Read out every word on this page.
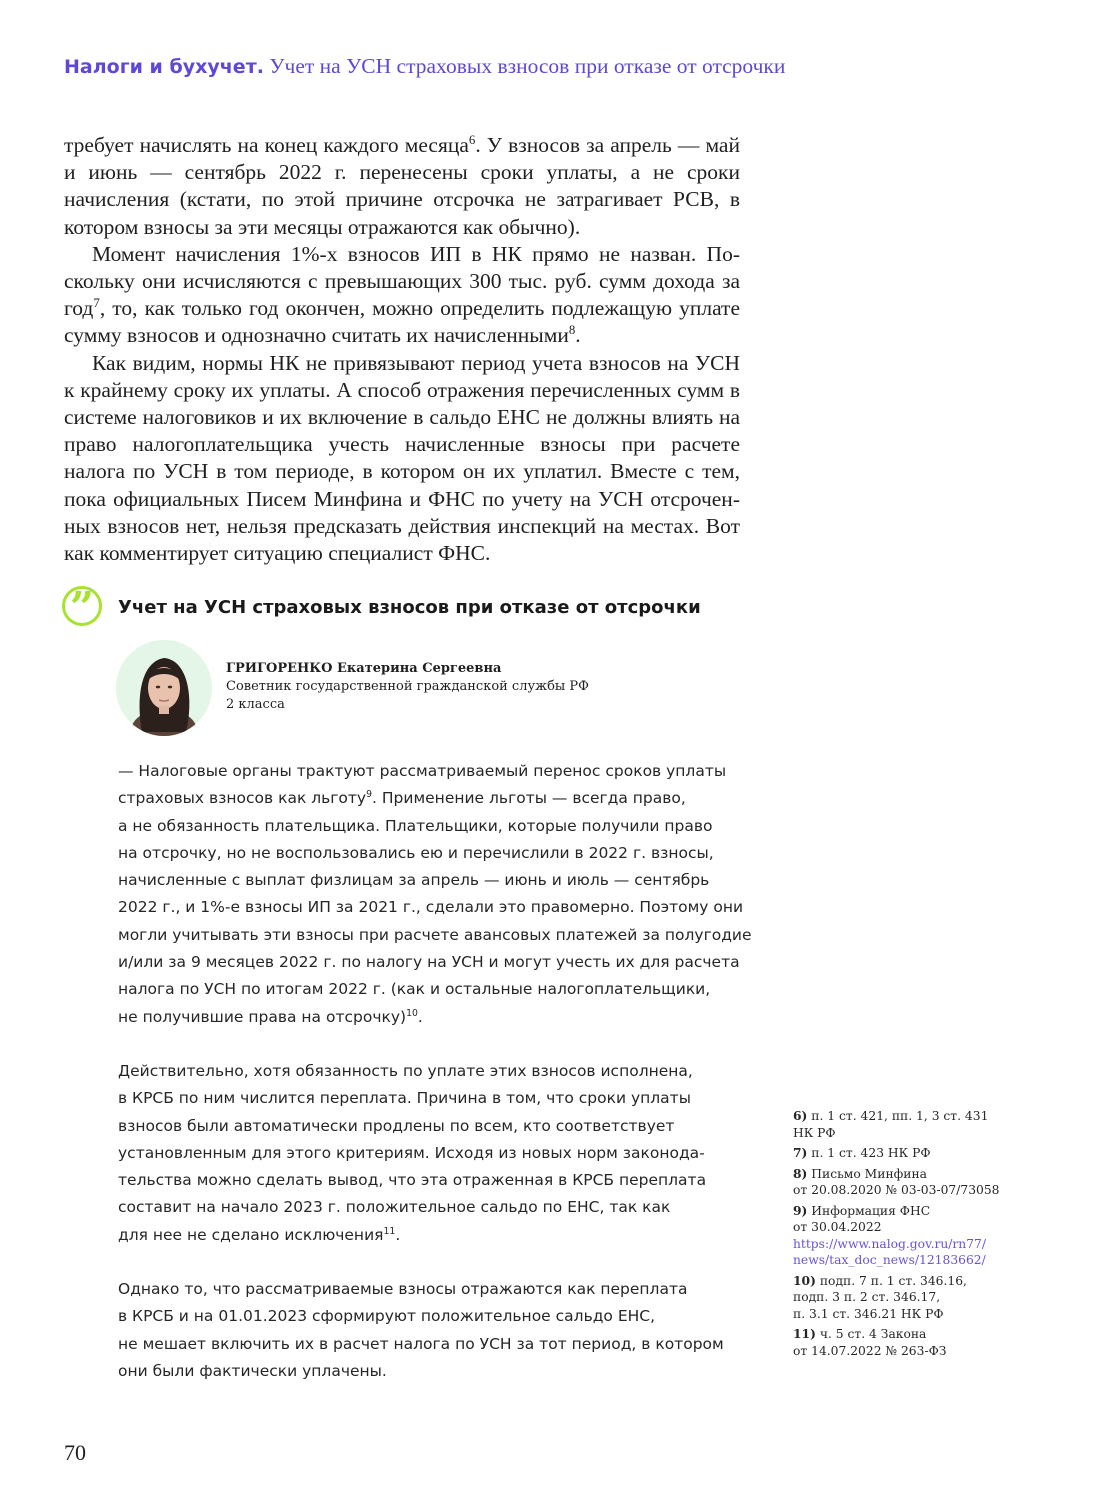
Налоги и бухучет. Учет на УСН страховых взносов при отказе от отсрочки

требует начислять на конец каждого месяца$^6$. У взносов за апрель — май и июнь — сентябрь 2022 г. перенесены сроки уплаты, а не сроки начисления (кстати, по этой причине отсрочка не затрагивает РСВ, в котором взносы за эти месяцы отражаются как обычно).

Момент начисления 1%-х взносов ИП в НК прямо не назван. Поскольку они исчисляются с превышающих 300 тыс. руб. сумм дохода за год$^7$, то, как только год окончен, можно определить подлежащую уплате сумму взносов и однозначно считать их начисленными$^8$.

Как видим, нормы НК не привязывают период учета взносов на УСН к крайнему сроку их уплаты. А способ отражения перечисленных сумм в системе налоговиков и их включение в сальдо ЕНС не должны влиять на право налогоплательщика учесть начисленные взносы при расчете налога по УСН в том периоде, в котором он их уплатил. Вместе с тем, пока официальных Писем Минфина и ФНС по учету на УСН отсроченных взносов нет, нельзя предсказать действия инспекций на местах. Вот как комментирует ситуацию специалист ФНС.

” Учет на УСН страховых взносов при отказе от отсрочки
ГРИГОРЕНКО Екатерина Сергеевна
Советник государственной гражданской службы РФ
2 класса

— Налоговые органы трактуют рассматриваемый перенос сроков уплаты
страховых взносов как льготу$^9$. Применение льготы — всегда право,
а не обязанность плательщика. Плательщики, которые получили право
на отсрочку, но не воспользовались ею и перечислили в 2022 г. взносы,
начисленные с выплат физлицам за апрель — июнь и июль — сентябрь
2022 г., и 1%-е взносы ИП за 2021 г., сделали это правомерно. Поэтому они
могли учитывать эти взносы при расчете авансовых платежей за полугодие
и/или за 9 месяцев 2022 г. по налогу на УСН и могут учесть их для расчета
налога по УСН по итогам 2022 г. (как и остальные налогоплательщики,
не получившие права на отсрочку)$^{10}$.

Действительно, хотя обязанность по уплате этих взносов исполнена,
в КРСБ по ним числится переплата. Причина в том, что сроки уплаты
взносов были автоматически продлены по всем, кто соответствует
установленным для этого критериям. Исходя из новых норм законода-
тельства можно сделать вывод, что эта отраженная в КРСБ переплата
составит на начало 2023 г. положительное сальдо по ЕНС, так как
для нее не сделано исключения$^{11}$.

Однако то, что рассматриваемые взносы отражаются как переплата
в КРСБ и на 01.01.2023 сформируют положительное сальдо ЕНС,
не мешает включить их в расчет налога по УСН за тот период, в котором
они были фактически уплачены.

6) п. 1 ст. 421, пп. 1, 3 ст. 431
НК РФ
7) п. 1 ст. 423 НК РФ
8) Письмо Минфина
от 20.08.2020 № 03-03-07/73058
9) Информация ФНС
от 30.04.2022
https://www.nalog.gov.ru/rn77/
news/tax_doc_news/12183662/
10) подп. 7 п. 1 ст. 346.16,
подп. 3 п. 2 ст. 346.17,
п. 3.1 ст. 346.21 НК РФ
11) ч. 5 ст. 4 Закона
от 14.07.2022 № 263-ФЗ
70
